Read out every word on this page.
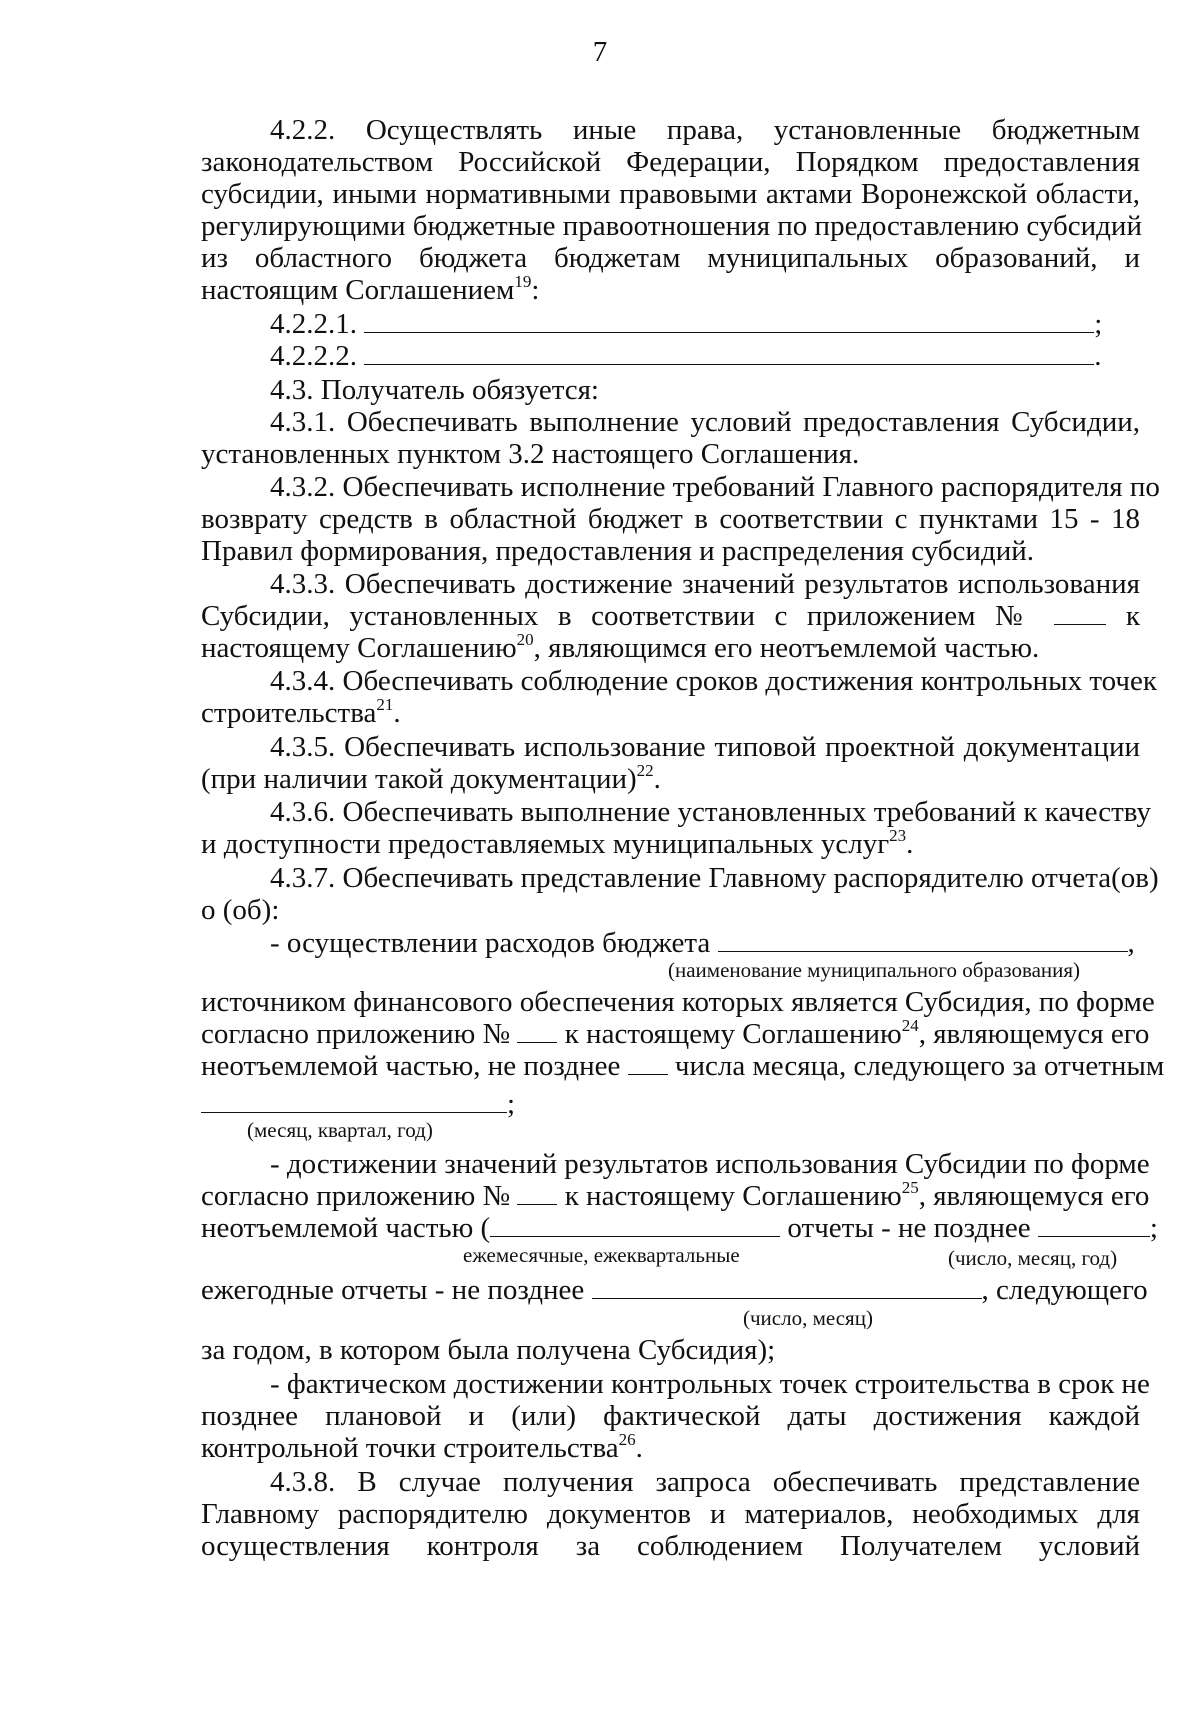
7
4.2.2. Осуществлять иные права, установленные бюджетным
законодательством Российской Федерации, Порядком предоставления
субсидии, иными нормативными правовыми актами Воронежской области,
регулирующими бюджетные правоотношения по предоставлению субсидий
из областного бюджета бюджетам муниципальных образований, и
настоящим Соглашением$^{19}$:
4.2.2.1.	;
4.2.2.2.	.
4.3. Получатель обязуется:
4.3.1. Обеспечивать выполнение условий предоставления Субсидии,
установленных пунктом 3.2 настоящего Соглашения.
4.3.2. Обеспечивать исполнение требований Главного распорядителя по
возврату средств в областной бюджет в соответствии с пунктами 15 - 18
Правил формирования, предоставления и распределения субсидий.
4.3.3. Обеспечивать достижение значений результатов использования
Субсидии, установленных в соответствии с приложением №	к
настоящему Соглашению$^{20}$, являющимся его неотъемлемой частью.
4.3.4. Обеспечивать соблюдение сроков достижения контрольных точек
строительства$^{21}$.
4.3.5. Обеспечивать использование типовой проектной документации
(при наличии такой документации)$^{22}$.
4.3.6. Обеспечивать выполнение установленных требований к качеству
и доступности предоставляемых муниципальных услуг$^{23}$.
4.3.7. Обеспечивать представление Главному распорядителю отчета(ов)
о (об):
- осуществлении расходов бюджета	,
(наименование муниципального образования)
источником финансового обеспечения которых является Субсидия, по форме
согласно приложению № к настоящему Соглашению$^{24}$, являющемуся его
неотъемлемой частью, не позднее числа месяца, следующего за отчетным
;
(месяц, квартал, год)
- достижении значений результатов использования Субсидии по форме
согласно приложению № к настоящему Соглашению$^{25}$, являющемуся его
неотъемлемой частью (	отчеты - не позднее	;
ежемесячные, ежеквартальные	(число, месяц, год)
ежегодные отчеты - не позднее	, следующего
(число, месяц)
за годом, в котором была получена Субсидия);
- фактическом достижении контрольных точек строительства в срок не
позднее плановой и (или) фактической даты достижения каждой
контрольной точки строительства$^{26}$.
4.3.8. В случае получения запроса обеспечивать представление
Главному распорядителю документов и материалов, необходимых для
осуществления контроля за соблюдением Получателем условий
